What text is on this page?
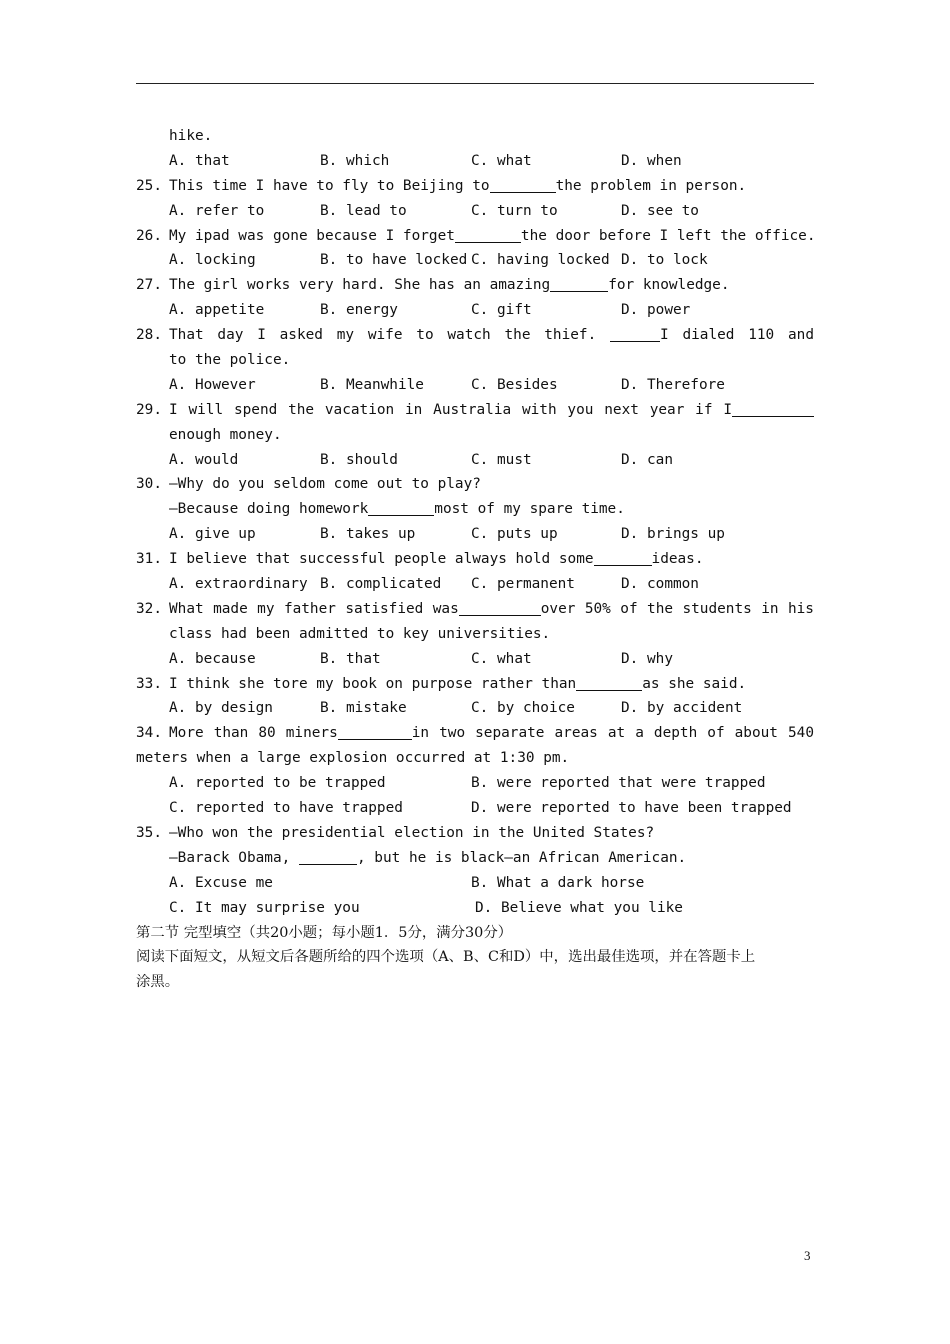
hike.

A. that

	B. which

	C. what

	D. when

25.

This time I have to fly to Beijing to	the problem in person.

A. refer to

	B. lead to

	C. turn to

	D. see to

26.

My ipad was gone because I forget	the door before I left the office.

A. locking

	B. to have locked

C. having locked

D. to lock

27.

The girl works very hard. She has an amazing	for knowledge.

A. appetite

	B. energy

	C. gift

	D. power

28.

That day I asked my wife to watch the thief.	I dialed 110 and

to the police.

A. However

	B. Meanwhile

	C. Besides

	D. Therefore

29.

I will spend the vacation in Australia with you next year if I

enough money.

A. would

	B. should

	C. must

	D. can

30.

—Why do you seldom come out to play?

—Because doing homework	most of my spare time.

A. give up

	B. takes up

	C. puts up

	D. brings up

31.

I believe that successful people always hold some	ideas.

A. extraordinary

B. complicated

C. permanent

	D. common

32.

What made my father satisfied was	over 50% of the students in his

class had been admitted to key universities.

A. because

	B. that

	C. what

	D. why

33.

I think she tore my book on purpose rather than	as she said.

A. by design

	B. mistake

	C. by choice

	D. by accident

34.

More than 80 miners	in two separate areas at a depth of about 540

meters when a large explosion occurred at 1:30 pm.

A. reported to be trapped

	B. were reported that were trapped

C. reported to have trapped

	D. were reported to have been trapped

35.

—Who won the presidential election in the United States?

—Barack Obama,	, but he is black—an African American.

A. Excuse me

	B. What a dark horse

C. It may surprise you

	D. Believe what you like

第二节 完型填空（共20小题；每小题1．5分，满分30分）
阅读下面短文，从短文后各题所给的四个选项（A、B、C和D）中，选出最佳选项，并在答题卡上
涂黑。
3
